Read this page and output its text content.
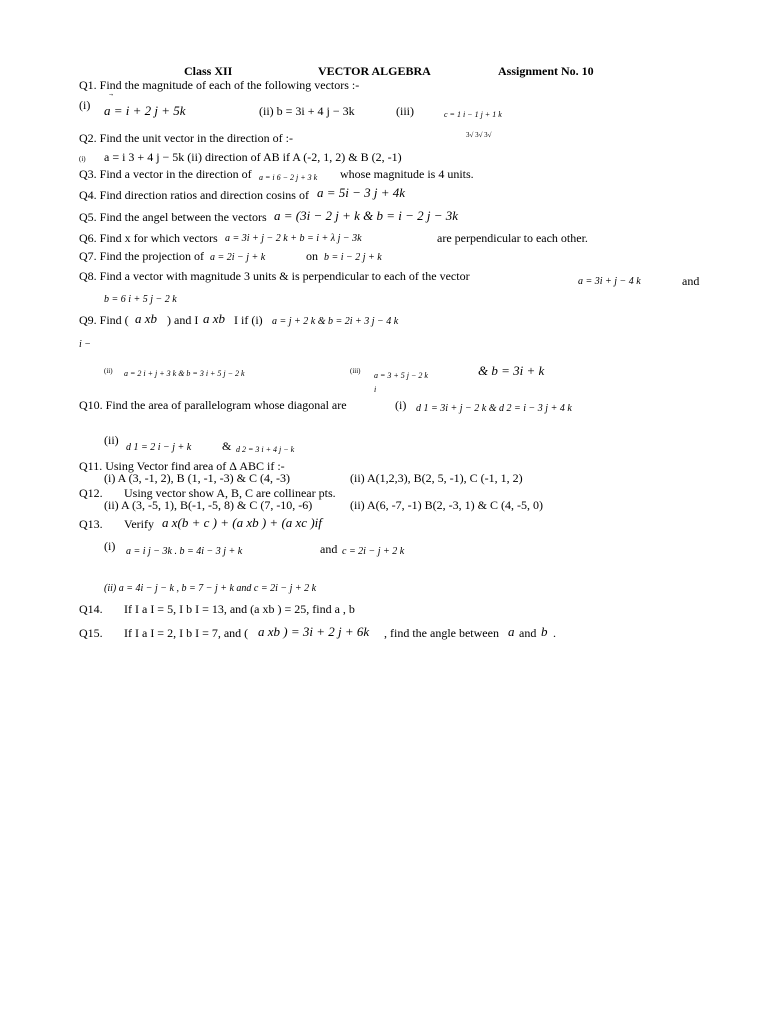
Class XII	VECTOR ALGEBRA	Assignment No. 10
Q1. Find the magnitude of each of the following vectors :-
(i) a = i + 2 j + 5k	(ii) b = 3i + 4 j − 3k	(iii)	c = 1 i − 1 j + 1 k
3√ 3√ 3√
Q2. Find the unit vector in the direction of :-
(i) a = i 3 + 4 j − 5k (ii) direction of AB if A (-2, 1, 2) & B (2, -1)
Q3. Find a vector in the direction of a = i 6 − 2 j + 3 k whose magnitude is 4 units.
Q4. Find direction ratios and direction cosins of a = 5i − 3 j + 4k
Q5. Find the angel between the vectors a = (3i − 2 j + k & b = i − 2 j − 3k
Q6. Find x for which vectors a = 3i + j − 2 k + b = i + λ j − 3k	are perpendicular to each other.
Q7. Find the projection of a = 2i − j + k	on b = i − 2 j + k
Q8. Find a vector with magnitude 3 units & is perpendicular to each of the vector	a = 3i + j − 4 k	and
b = 6 i + 5 j − 2 k
Q9. Find ( a xb ) and I a xb I if (i) a = j + 2 k & b = 2i + 3 j − 4 k
i −
(ii) a = 2 i + j + 3 k & b = 3 i + 5 j − 2 k	(iii) a = 3 + 5 j − 2 k
i
& b = 3i + k
Q10. Find the area of parallelogram whose diagonal are	(i) d 1 = 3i + j − 2 k & d 2 = i − 3 j + 4 k
(ii)
d 1 = 2 i − j + k	& d 2 = 3 i + 4 j − k
Q11. Using Vector find area of Δ ABC if :-
(i) A (3, -1, 2), B (1, -1, -3) & C (4, -3)	(ii) A(1,2,3), B(2, 5, -1), C (-1, 1, 2)
Q12. Using vector show A, B, C are collinear pts.
(ii) A (3, -5, 1), B(-1, -5, 8) & C (7, -10, -6)	(ii) A(6, -7, -1) B(2, -3, 1) & C (4, -5, 0)
Q13. Verify a x(b + c ) + (a xb ) + (a xc )if
(i) a = i j − 3k . b = 4i − 3 j + k	and c = 2i − j + 2 k
(ii) a = 4i − j − k , b = 7 − j + k and c = 2i − j + 2 k
Q14. If I a I = 5, I b I = 13, and (a xb ) = 25, find a , b
Q15. If I a I = 2, I b I = 7, and ( a xb ) = 3i + 2 j + 6k , find the angle between a and b .
